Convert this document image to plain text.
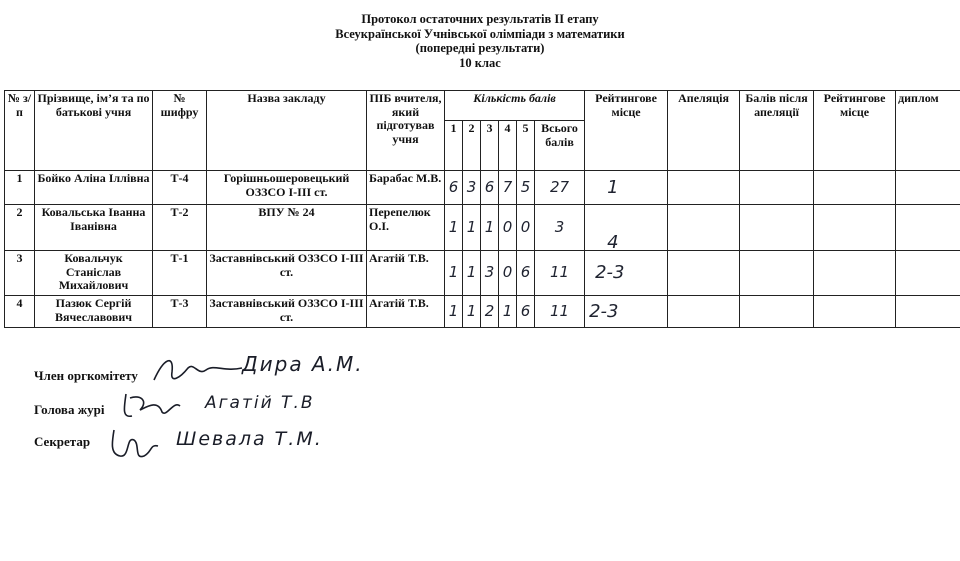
Протокол остаточних результатів ІІ етапу
Всеукраїнської Учнівської олімпіади з математики
(попередні результати)
10 клас
№ з/п	Прізвище, ім’я та по батькові учня	№ шифру	Назва закладу	ПІБ вчителя, який підготував учня	Кількість балів						Рейтингове місце	Апеляція	Балів після апеляції	Рейтингове місце	диплом
					1	2	3	4	5	Всього балів					
1	Бойко Аліна Іллівна	Т-4	Горішньошеровецький ОЗЗСО І-ІІІ ст.	Барабас М.В.	6	3	6	7	5	27	1				
2	Ковальська Іванна Іванівна	Т-2	ВПУ № 24	Перепелюк О.І.	1	1	1	0	0	3	4				
3	Ковальчук Станіслав Михайлович	Т-1	Заставнівський ОЗЗСО І-ІІІ ст.	Агатій Т.В.	1	1	3	0	6	11	2-3				
4	Пазюк Сергій Вячеславович	Т-3	Заставнівський ОЗЗСО І-ІІІ ст.	Агатій Т.В.	1	1	2	1	6	11	2-3				
Член оргкомітету	Дира А.М.
Голова журі	Агатій Т.В
Секретар	Шевала Т.М.
